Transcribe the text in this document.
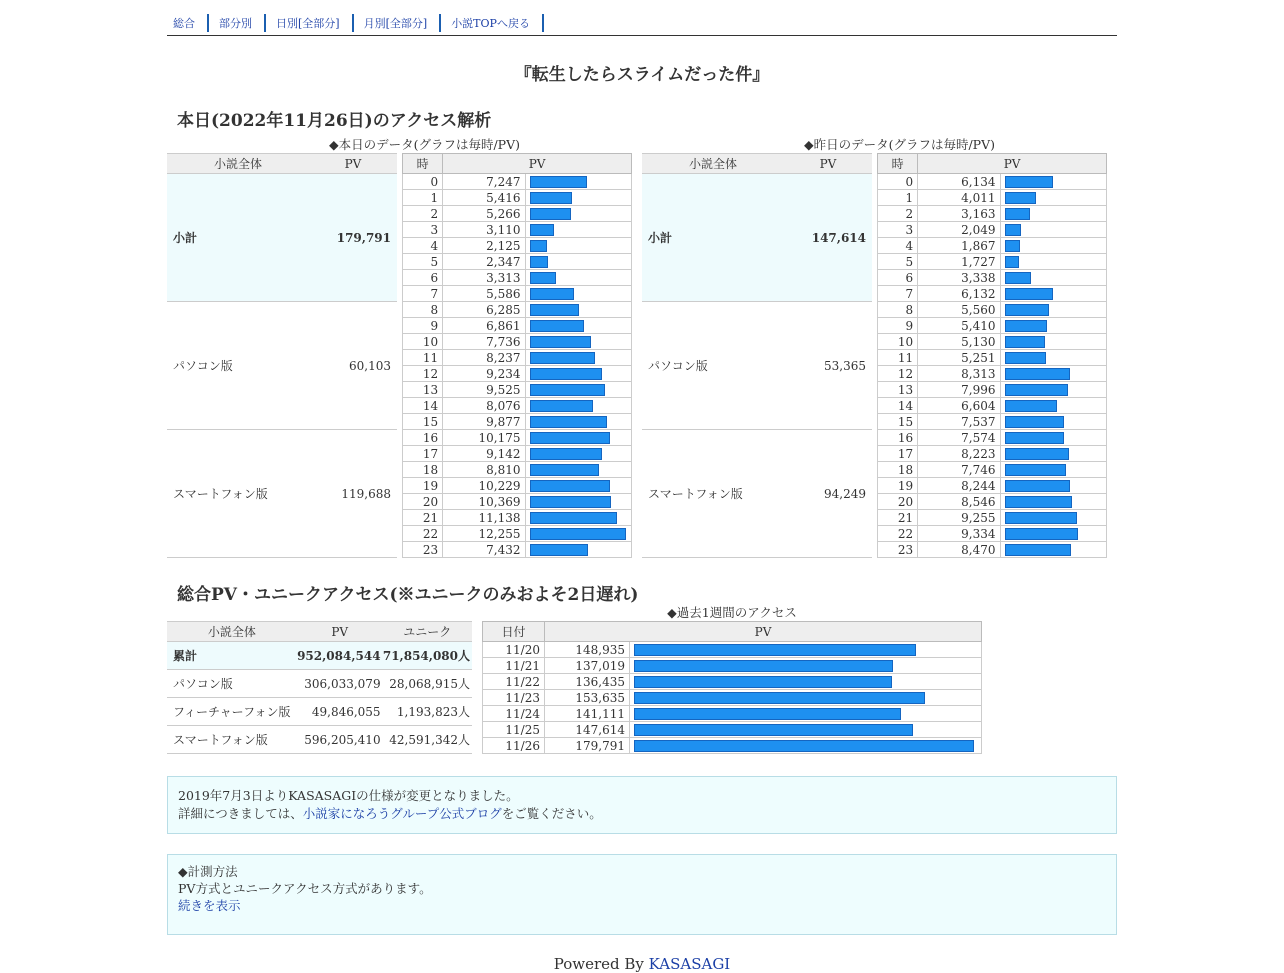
総合	部分別	日別[全部分]	月別[全部分]	小説TOPへ戻る
『転生したらスライムだった件』
本日(2022年11月26日)のアクセス解析
◆本日のデータ(グラフは毎時/PV)
小説全体	PV
小計	179,791
パソコン版	60,103
スマートフォン版	119,688
時	PV	
0	7,247	

1	5,416	

2	5,266	

3	3,110	

4	2,125	

5	2,347	

6	3,313	

7	5,586	

8	6,285	

9	6,861	

10	7,736	

11	8,237	

12	9,234	

13	9,525	

14	8,076	

15	9,877	

16	10,175	

17	9,142	

18	8,810	

19	10,229	

20	10,369	

21	11,138	

22	12,255	

23	7,432	
◆昨日のデータ(グラフは毎時/PV)
小説全体	PV
小計	147,614
パソコン版	53,365
スマートフォン版	94,249
時	PV	
0	6,134	

1	4,011	

2	3,163	

3	2,049	

4	1,867	

5	1,727	

6	3,338	

7	6,132	

8	5,560	

9	5,410	

10	5,130	

11	5,251	

12	8,313	

13	7,996	

14	6,604	

15	7,537	

16	7,574	

17	8,223	

18	7,746	

19	8,244	

20	8,546	

21	9,255	

22	9,334	

23	8,470	
総合PV・ユニークアクセス(※ユニークのみおよそ2日遅れ)
小説全体	PV	ユニーク
累計	952,084,544	71,854,080人
パソコン版	306,033,079	28,068,915人
フィーチャーフォン版	49,846,055	1,193,823人
スマートフォン版	596,205,410	42,591,342人
◆過去1週間のアクセス
日付	PV	
11/20	148,935	

11/21	137,019	

11/22	136,435	

11/23	153,635	

11/24	141,111	

11/25	147,614	

11/26	179,791	
2019年7月3日よりKASASAGIの仕様が変更となりました。
詳細につきましては、小説家になろうグループ公式ブログをご覧ください。
◆計測方法
PV方式とユニークアクセス方式があります。
続きを表示
Powered By KASASAGI
